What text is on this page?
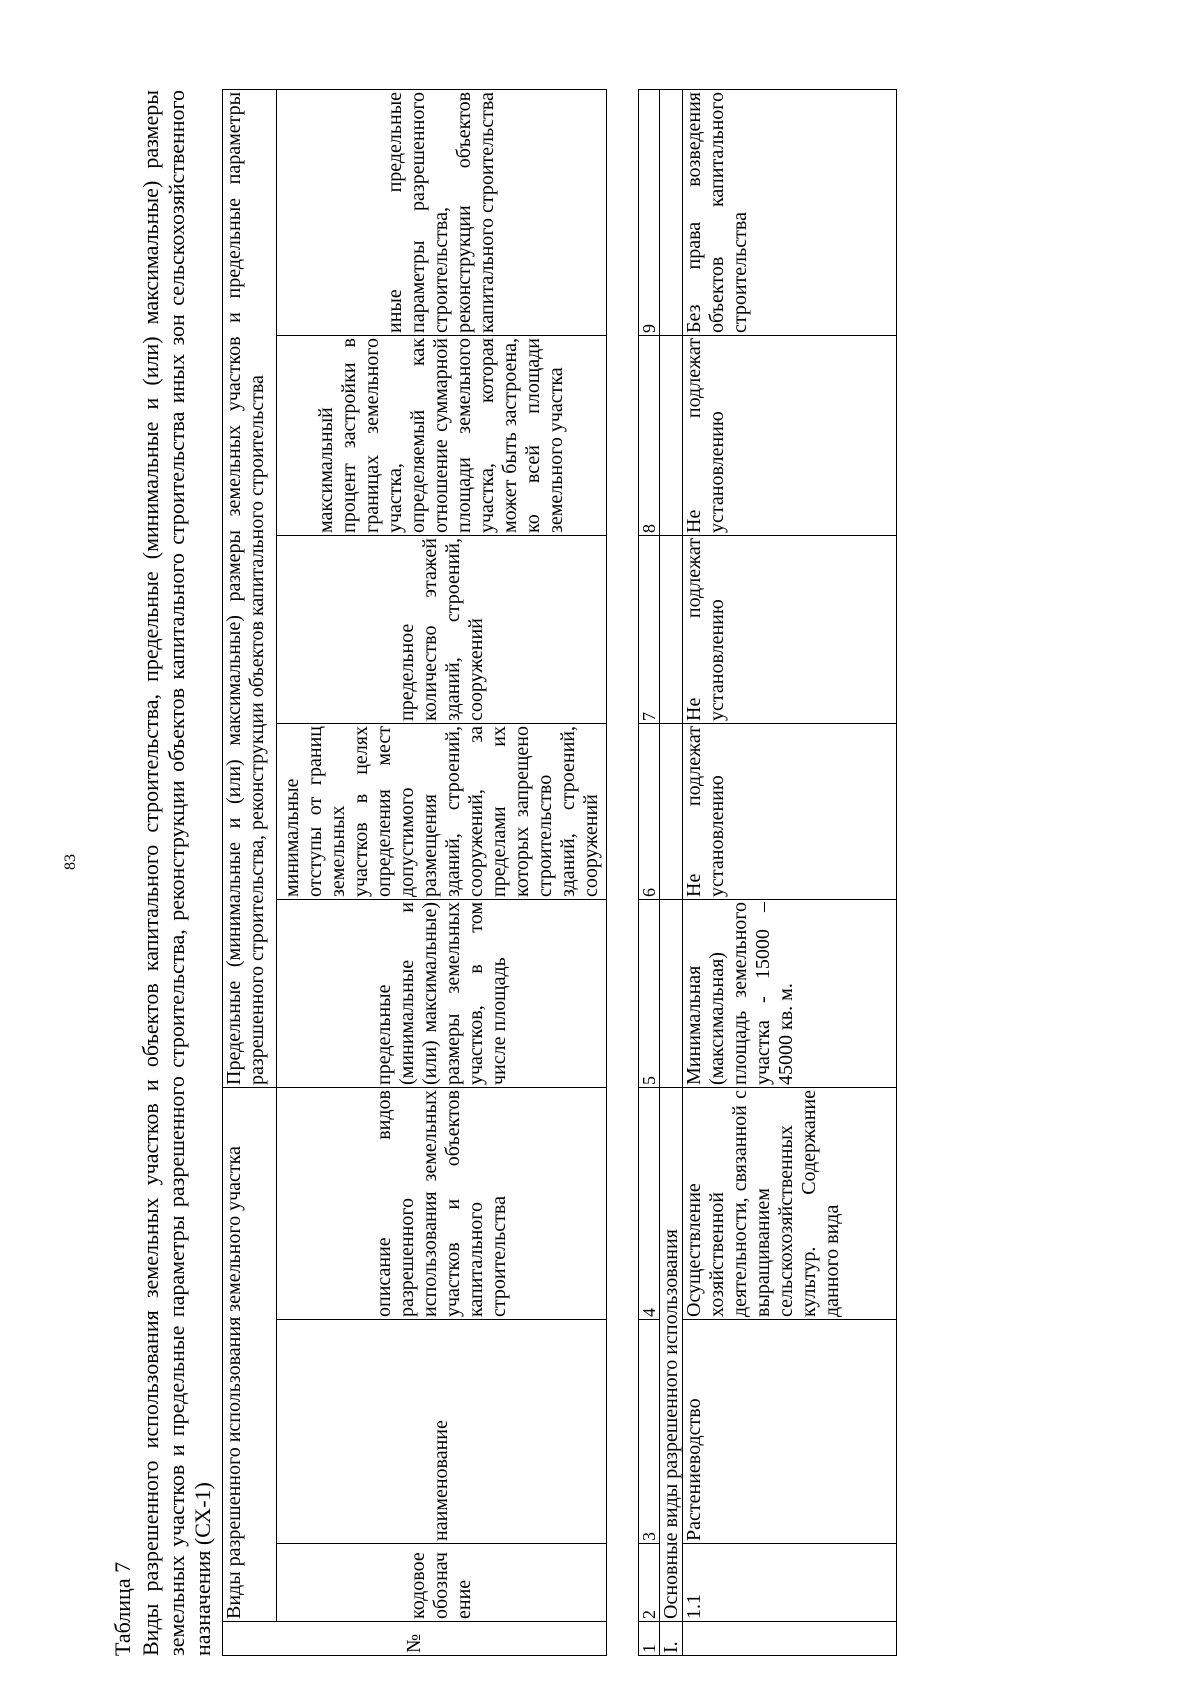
83
Таблица 7 Виды разрешенного использования земельных участков и объектов капитального строительства, предельные (минимальные и (или) максимальные) размеры земельных участков и предельные параметры разрешенного строительства, реконструкции объектов капитального строительства иных зон сельскохозяйственного назначения (СХ-1)	№	Виды разрешенного использования земельного участка			Предельные (минимальные и (или) максимальные) размеры земельных участков и предельные параметры разрешенного строительства, реконструкции объектов капитального строительства				
	кодовое обозначение	наименование	описание видов разрешенного использования земельных участков и объектов капитального строительства	предельные (минимальные и (или) максимальные) размеры земельных участков, в том числе площадь	минимальные отступы от границ земельных участков в целях определения мест допустимого размещения зданий, строений, сооружений, за пределами их которых запрещено строительство зданий, строений, сооружений	предельное количество этажей зданий, строений, сооружений	максимальный процент застройки в границах земельного участка, определяемый как отношение суммарной площади земельного участка, которая может быть застроена, ко всей площади земельного участка	иные предельные параметры разрешенного строительства, реконструкции объектов капитального строительства
1	2	3	4	5	6	7	8	9
I.	Основные виды разрешенного использования							
	1.1	Растениеводство	Осуществление хозяйственной деятельности, связанной с выращиванием сельскохозяйственных культур. Содержание данного вида	Минимальная (максимальная) площадь земельного участка - 15000 – 45000 кв. м.	Не подлежат установлению	Не подлежат установлению	Не подлежат установлению	Без права возведения объектов капитального строительства
